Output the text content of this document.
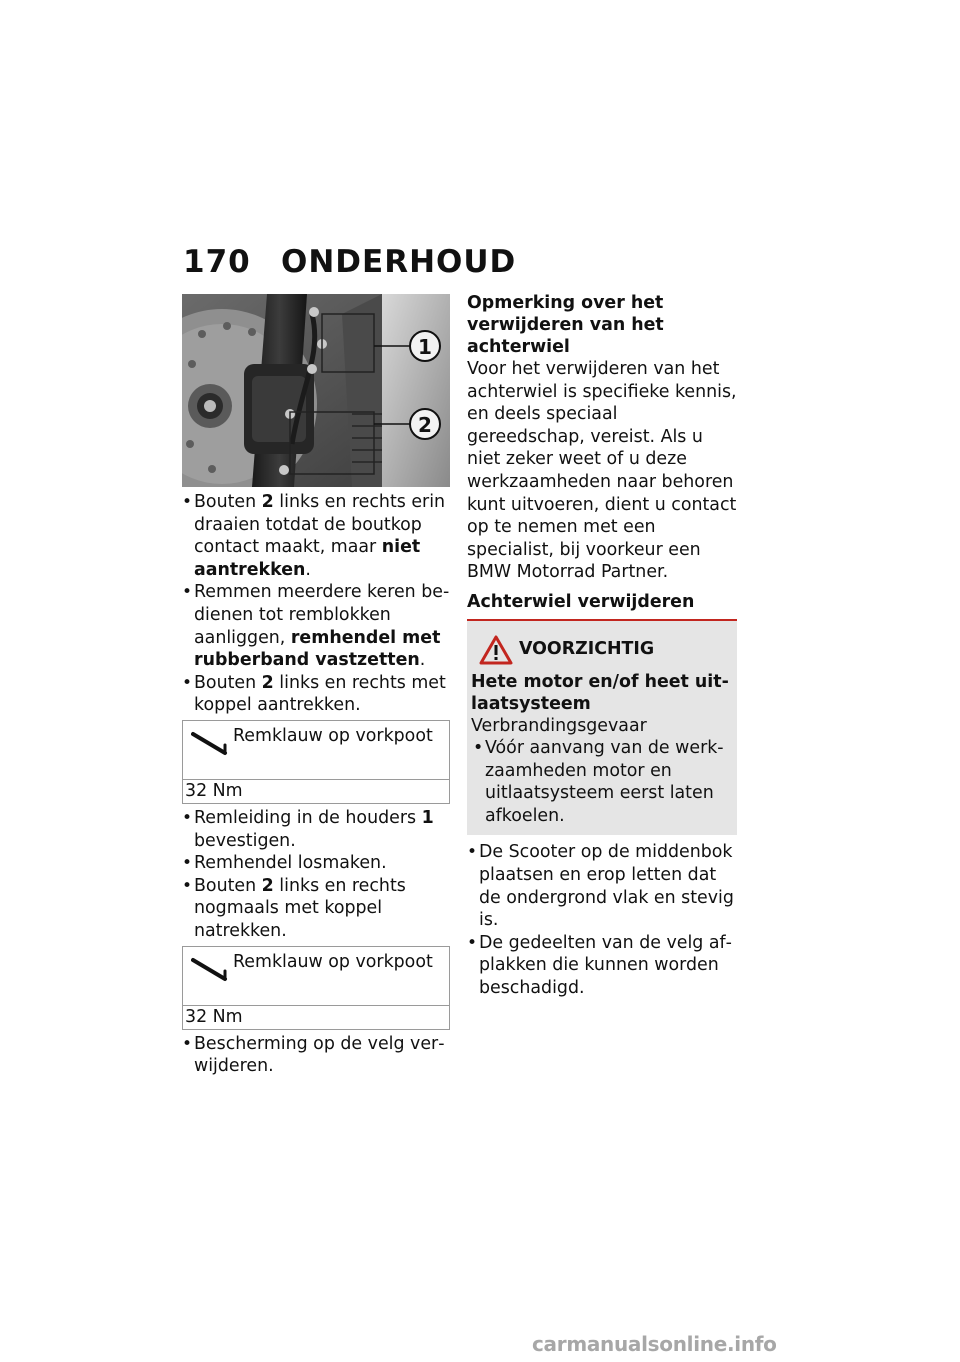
170 ONDERHOUD
1
2
• Bouten 2 links en rechts erin draaien totdat de boutkop contact maakt, maar niet aantrekken.
• Remmen meerdere keren bedienen tot remblokken aanliggen, remhendel met rubberband vastzetten.
• Bouten 2 links en rechts met koppel aantrekken.
Remklauw op vorkpoot
32 Nm
• Remleiding in de houders 1 bevestigen.
• Remhendel losmaken.
• Bouten 2 links en rechts nogmaals met koppel natrekken.
Remklauw op vorkpoot
32 Nm
• Bescherming op de velg verwijderen.

Opmerking over het verwijderen van het achterwiel

Voor het verwijderen van het achterwiel is specifieke kennis, en deels speciaal gereedschap, vereist. Als u niet zeker weet of u deze werkzaamheden naar behoren kunt uitvoeren, dient u contact op te nemen met een specialist, bij voorkeur een BMW Motorrad Partner.

Achterwiel verwijderen

VOORZICHTIG
Hete motor en/of heet uitlaatsysteem
Verbrandingsgevaar
• Vóór aanvang van de werkzaamheden motor en uitlaatsysteem eerst laten afkoelen.
• De Scooter op de middenbok plaatsen en erop letten dat de ondergrond vlak en stevig is.
• De gedeelten van de velg afplakken die kunnen worden beschadigd.
carmanualsonline.info
